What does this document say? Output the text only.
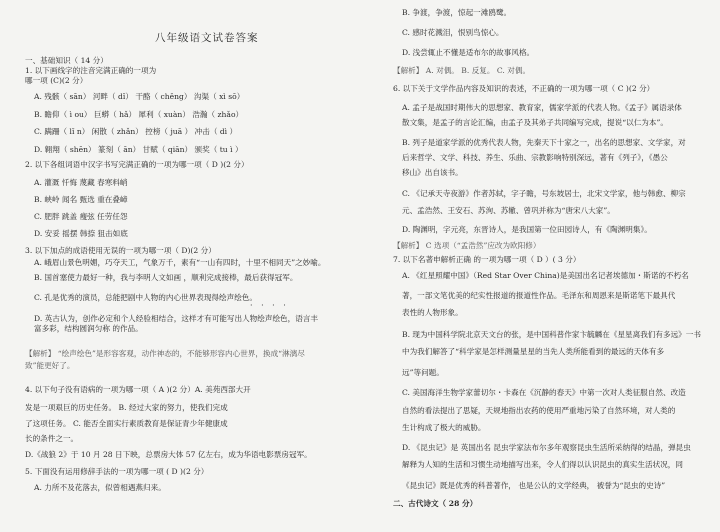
八年级语文试卷答案
一、基础知识（ 14 分）
1. 以下画线字的注音完满正确的一项为
哪一项 (C)(2 分）
A. 残骸（ sān） 河畔（ dǐ） 干酪（ chěng） 沟渠（ xì sō）
B. 瞻仰（ ì ou） 巨蟒（ hǎ） 犀利（ xuàn） 浩瀚（ zhǎo）
C. 蹒跚（ lǐ n） 闲散（ zhǎn） 控榜（ juā ） 冲击（ dì ）
D. 翱翔（ shēn） 篆刻（ ān） 甘赋（ qiān） 颁奖（ tu ì ）
2. 以下各组词语中汉字书写完满正确的一项为哪一项（ D )(2 分）
A. 灌溉 忏悔 蔑藏 春寒料峭
B. 峡岭 闻名 甄选 重在叠嶂
C. 肥胖 跳盖 瘦弦 任劳任怨
D. 安妥 摇摆 韩捺 狙击如底
3. 以下加点的成语使用无误的一项为哪一项（ D)(2 分）
A. 峨眉山景色明媚，巧夺天工，气象万千，素有“一山有四时，十里不相同天”之妙喻。
B. 国首塞使力最好一种，我与李明人文如画 ，顺利完成接棒，最后获得冠军。
C. 孔是优秀的演员，总能把剧中人物的内心世界表现得绘声绘色。
· · · ·
D. 英古认为，创作必定和个人经验相结合，这样才有可能写出人物绘声绘色，语言丰
富多彩，结构圆润匀称 的作品。
【解析】 “绘声绘色”是形容客观，动作神态的，不能够形容内心世界，换成“淋漓尽
致”能更好了。
4. 以下句子没有语病的一项为哪一项（ A )(2 分）A. 美苑西部大开
发是一项艰巨的历史任务。 B. 经过大家的努力，使我们完成
了这项任务。 C. 能否全面实行素质教育是保证青少年健康成
长的条件之一。
D.《战狼 2》于 10 月 28 日下映，总票房大体 57 亿左右，成为华语电影票房冠军。
5. 下面没有运用修辞手法的一项为哪一项 ( D )(2 分）
A. 力所不及花落去，似曾相遇燕归来。
B. 争渡，争渡，惊起一滩鸥鹭。
C. 感时花溅泪，恨别鸟惊心。
D. 浅尝辄止不懂是适布尔的故事风格。
【解析】 A. 对偶。 B. 反复。 C. 对偶。
6. 以下关于文学作品内容及知识的表述，不正确的一项为哪一项（ C )(2 分）
A. 孟子是战国时期伟大的思想家、教育家，儒家学派的代表人物。《孟子》属语录体
散文集，是孟子的言论汇编，由孟子及其弟子共同编写完成，提说“以仁为本”。
B. 列子是道家学派的优秀代表人物，先秦天下十家之一，出名的思想家、文学家，对
后来哲学、文学、科技、养生、乐曲、宗教影响特别深远，著有《列子》，《愚公
移山》出自该书。
C. 《记承天寺夜游》作者苏轼，字子瞻，号东坡居士，北宋文学家，他与韩愈、柳宗
元、孟浩然、王安石、苏洵、苏辙、曾巩并称为“唐宋八大家”。
D. 陶渊明，字元亮，东晋诗人，是我国第一位田园诗人，有《陶渊明集》。
【解析】 C 选项（“孟浩然”应改为欧阳修）
7. 以下名著申解析正确 的一项为哪一项（ D ）( 3 分）
A. 《红星照耀中国》（Red Star Over China)是美国出名记者埃德加・斯诺的不朽名
著，一部文笔优美的纪实性报道的报道性作品。毛泽东和周恩来是斯诺笔下最具代
表性的人物形象。
B. 现为中国科学院北京天文台的张，是中国科普作家卞毓麟在《星星离我们有多远》一书
中为我们解答了“科学家是怎样测量星星的当先人类所能看到的最远的天体有多
远”等问题。
C. 美国海洋生物学家蕾切尔・卡森在《沉静的春天》中第一次对人类征服自然、改造
自然的看法提出了思疑，天规地指出农药的使用严重地污染了自然环境，对人类的
生计构成了极大的威胁。
D. 《昆虫记》是 英国出名 昆虫学家法布尔多年观察昆虫生活所采纳得的结晶，弹昆虫
解释为人知的生活和习惯生动地描写出来，令人们得以认识昆虫的真实生活状况，同
《昆虫记》既是优秀的科普著作， 也是公认的文学经典， 被誉为“昆虫的史诗”
二、古代诗文（ 28 分）
